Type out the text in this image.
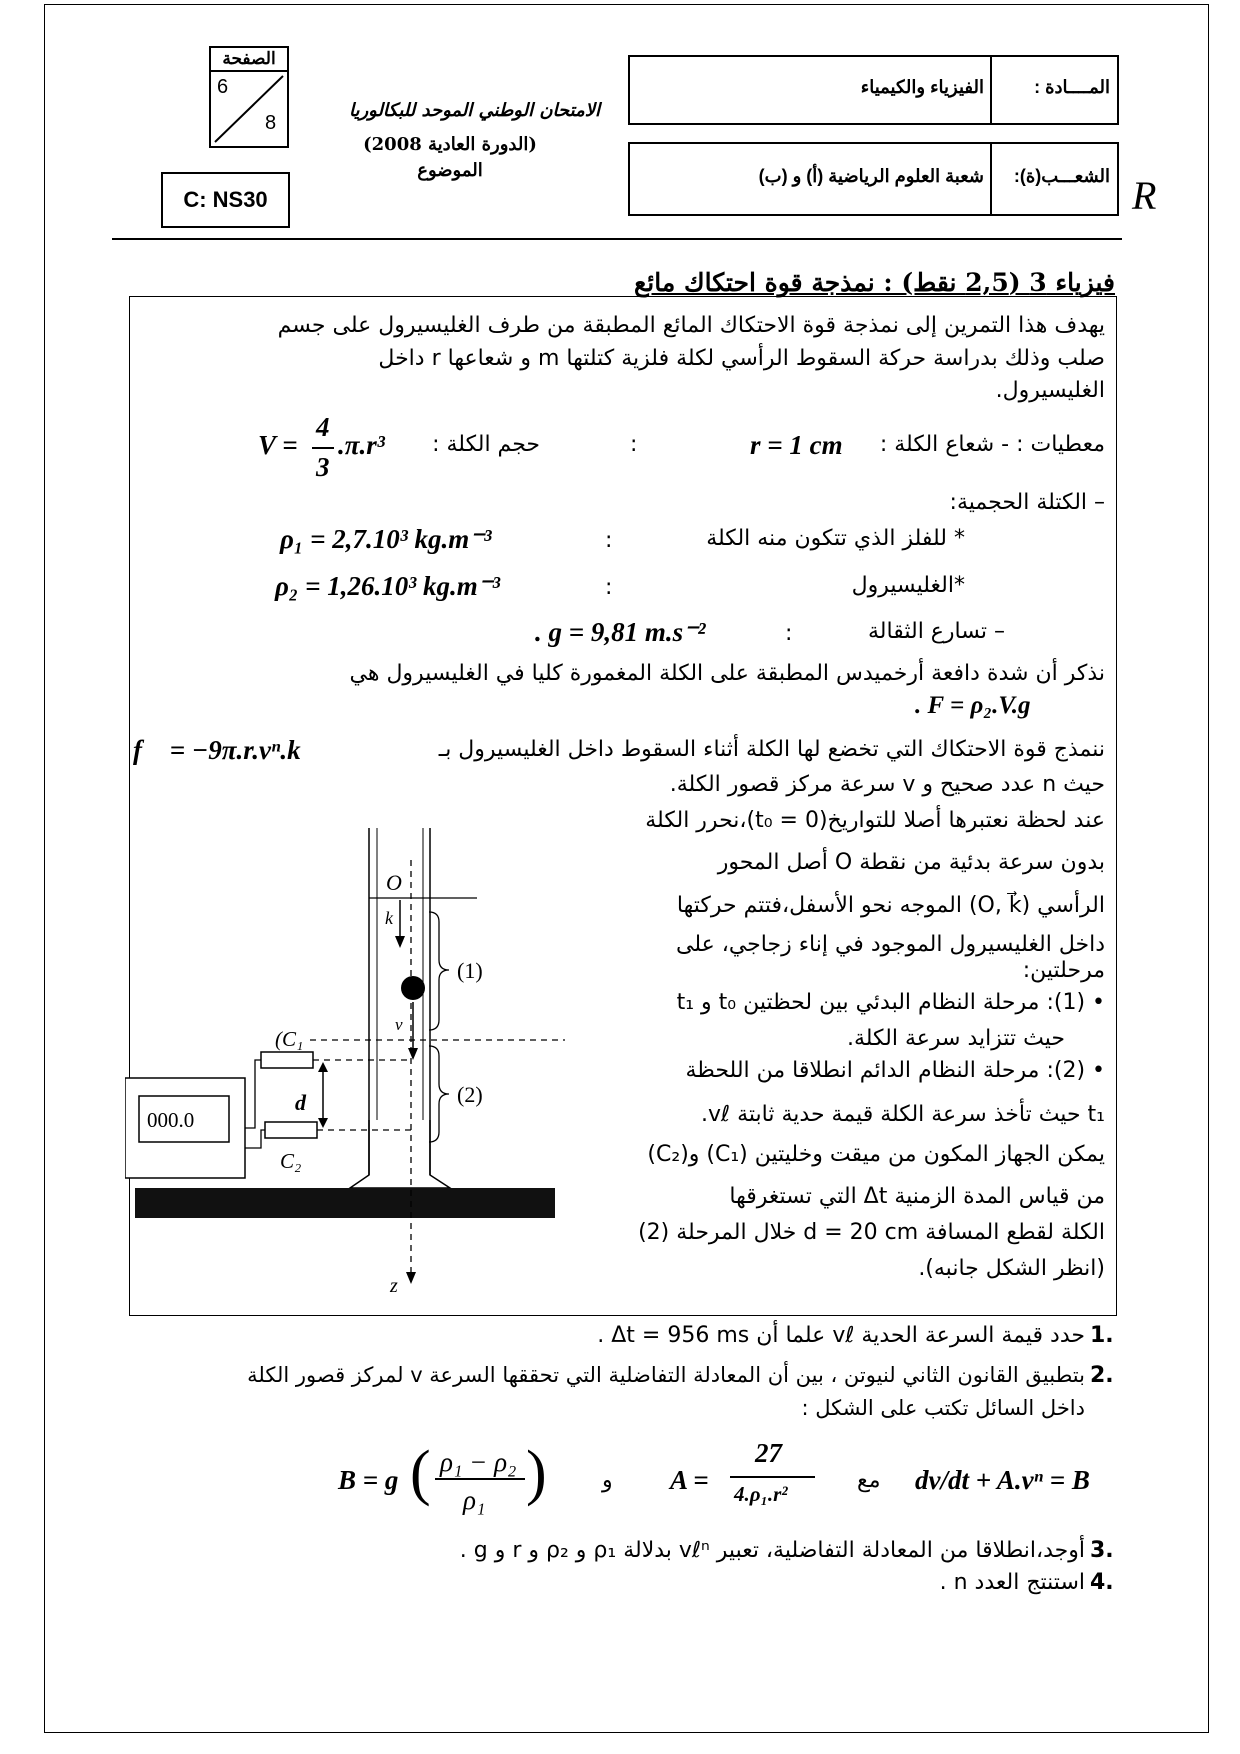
الصفحة
6
8
C: NS30
الامتحان الوطني الموحد للبكالوريا
(الدورة العادية 2008)
الموضوع
المــــادة :
الفيزياء والكيمياء
الشعـــب(ة):
شعبة العلوم الرياضية (أ) و (ب)	R
فيزياء 3 (2,5 نقط) : نمذجة قوة احتكاك مائع
يهدف هذا التمرين إلى نمذجة قوة الاحتكاك المائع المطبقة من طرف الغليسيرول على جسم
صلب وذلك بدراسة حركة السقوط الرأسي لكلة فلزية كتلتها m و شعاعها r داخل
الغليسيرول.
معطيات : - شعاع الكلة :
r = 1 cm
:
حجم الكلة :
V =
4
3
.π.r³
– الكتلة الحجمية:
* للفلز الذي تتكون منه الكلة
:
ρ₁ = 2,7.10³ kg.m⁻³
*الغليسيرول
:
ρ₂ = 1,26.10³ kg.m⁻³
– تسارع الثقالة
:
. g = 9,81 m.s⁻²
نذكر أن شدة دافعة أرخميدس المطبقة على الكلة المغمورة كليا في الغليسيرول هي
. F = ρ₂.V.g
ننمذج قوة الاحتكاك التي تخضع لها الكلة أثناء السقوط داخل الغليسيرول بـ
f⃗ = −9π.r.vⁿ.k⃗
حيث n عدد صحيح و v سرعة مركز قصور الكلة.
عند لحظة نعتبرها أصلا للتواريخ(t₀ = 0)،نحرر الكلة
بدون سرعة بدئية من نقطة O أصل المحور
الرأسي (O, k⃗) الموجه نحو الأسفل،فتتم حركتها
داخل الغليسيرول الموجود في إناء زجاجي، على
مرحلتين:
• (1): مرحلة النظام البدئي بين لحظتين t₀ و t₁
حيث تتزايد سرعة الكلة.
• (2): مرحلة النظام الدائم انطلاقا من اللحظة
t₁ حيث تأخذ سرعة الكلة قيمة حدية ثابتة vℓ.
يمكن الجهاز المكون من ميقت وخليتين (C₁) و(C₂)
من قياس المدة الزمنية Δt التي تستغرقها
الكلة لقطع المسافة d = 20 cm خلال المرحلة (2)
(انظر الشكل جانبه).
O
k⃗
v⃗
(C₁
C₂
d
z
(1)
(2)
000.0
1.
حدد قيمة السرعة الحدية vℓ علما أن Δt = 956 ms .
2.
بتطبيق القانون الثاني لنيوتن ، بين أن المعادلة التفاضلية التي تحققها السرعة v لمركز قصور الكلة
داخل السائل تكتب على الشكل :
dv/dt + A.vⁿ = B
مع
A =
27
4.ρ₁.r²
و
B = g ( ρ₁ − ρ₂
ρ₁ )
3.
أوجد،انطلاقا من المعادلة التفاضلية، تعبير vℓⁿ بدلالة ρ₁ و ρ₂ و r و g .
4.
استنتج العدد n .
